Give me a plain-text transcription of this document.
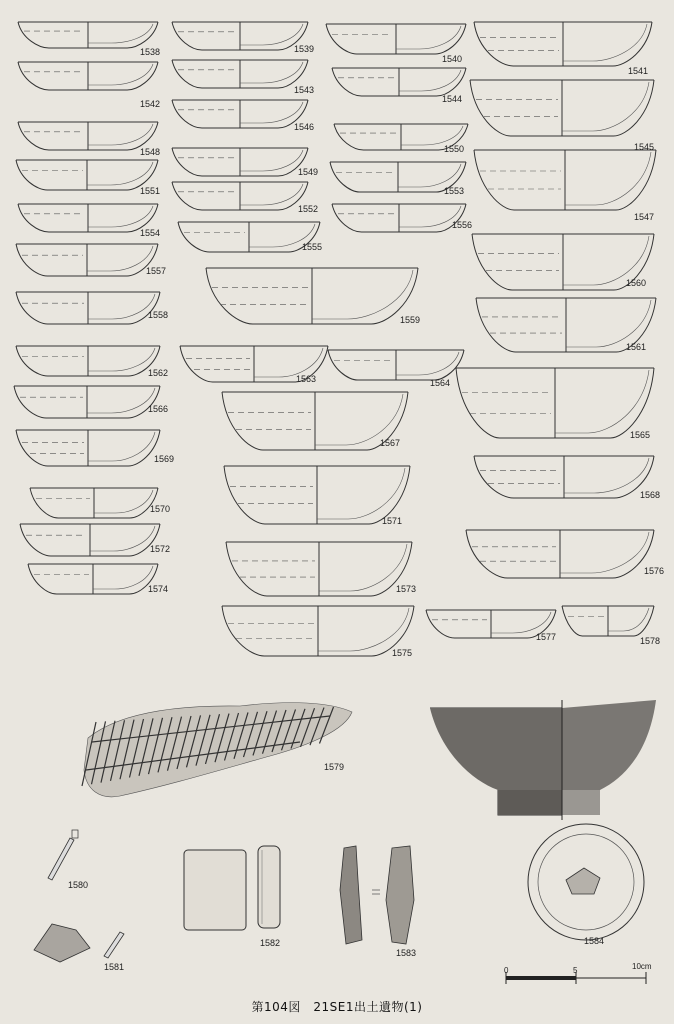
1538	1539
1540
1541
1542
1543
1544
1545
1546
1547
1548
1549
1550
1551
1552
1553
1554
1555
1556
1557
1558	1559
1560
1561
1562
1563	1564
1565
1566
1567
1568
1569
1570
1571
1572
1573
1574
1575
1576
1577	1578
1579
1580
1581
1582
1583
1584
0	5	10cm
第104図　21SE1出土遺物(1)
